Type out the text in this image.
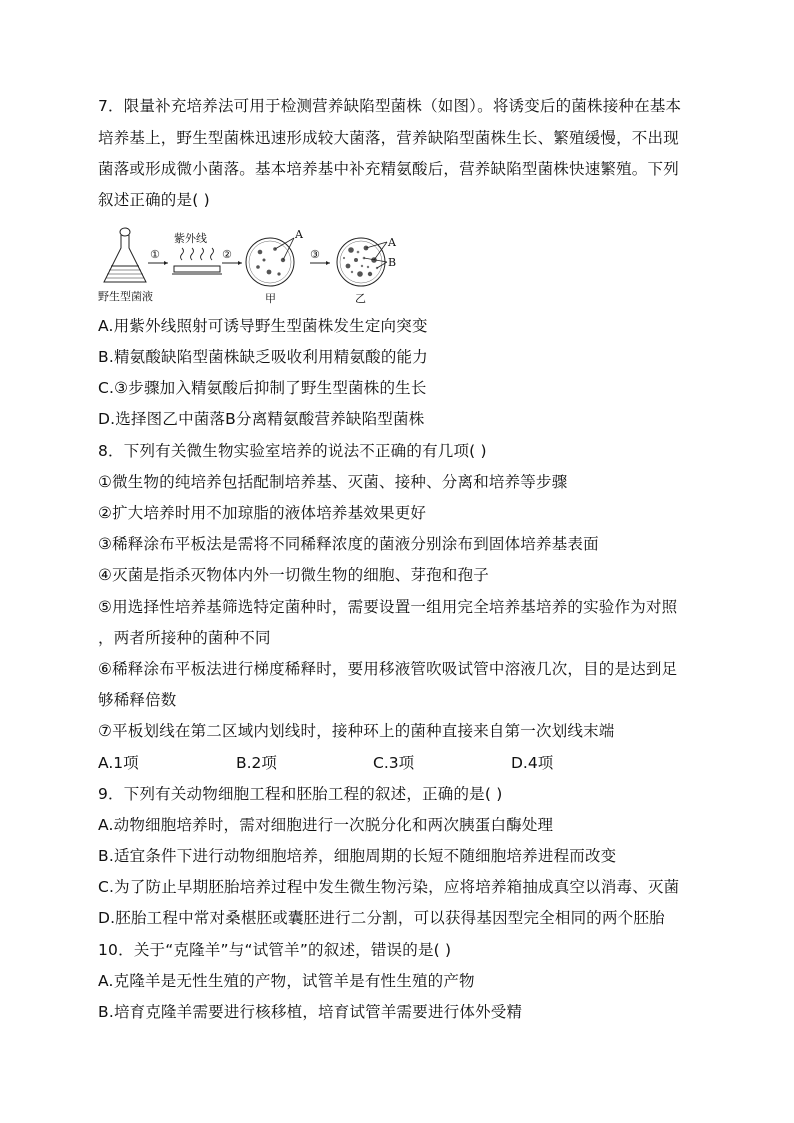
7．限量补充培养法可用于检测营养缺陷型菌株（如图）。将诱变后的菌株接种在基本
培养基上，野生型菌株迅速形成较大菌落，营养缺陷型菌株生长、繁殖缓慢，不出现
菌落或形成微小菌落。基本培养基中补充精氨酸后，营养缺陷型菌株快速繁殖。下列
叙述正确的是( )
野生型菌液
①
紫外线
②
A
甲
③
A
B
乙
A.用紫外线照射可诱导野生型菌株发生定向突变
B.精氨酸缺陷型菌株缺乏吸收利用精氨酸的能力
C.③步骤加入精氨酸后抑制了野生型菌株的生长
D.选择图乙中菌落B分离精氨酸营养缺陷型菌株
8．下列有关微生物实验室培养的说法不正确的有几项( )
①微生物的纯培养包括配制培养基、灭菌、接种、分离和培养等步骤
②扩大培养时用不加琼脂的液体培养基效果更好
③稀释涂布平板法是需将不同稀释浓度的菌液分别涂布到固体培养基表面
④灭菌是指杀灭物体内外一切微生物的细胞、芽孢和孢子
⑤用选择性培养基筛选特定菌种时，需要设置一组用完全培养基培养的实验作为对照
，两者所接种的菌种不同
⑥稀释涂布平板法进行梯度稀释时，要用移液管吹吸试管中溶液几次，目的是达到足
够稀释倍数
⑦平板划线在第二区域内划线时，接种环上的菌种直接来自第一次划线末端
A.1项	B.2项	C.3项	D.4项
9．下列有关动物细胞工程和胚胎工程的叙述，正确的是( )
A.动物细胞培养时，需对细胞进行一次脱分化和两次胰蛋白酶处理
B.适宜条件下进行动物细胞培养，细胞周期的长短不随细胞培养进程而改变
C.为了防止早期胚胎培养过程中发生微生物污染，应将培养箱抽成真空以消毒、灭菌
D.胚胎工程中常对桑椹胚或囊胚进行二分割，可以获得基因型完全相同的两个胚胎
10．关于“克隆羊”与“试管羊”的叙述，错误的是( )
A.克隆羊是无性生殖的产物，试管羊是有性生殖的产物
B.培育克隆羊需要进行核移植，培育试管羊需要进行体外受精
